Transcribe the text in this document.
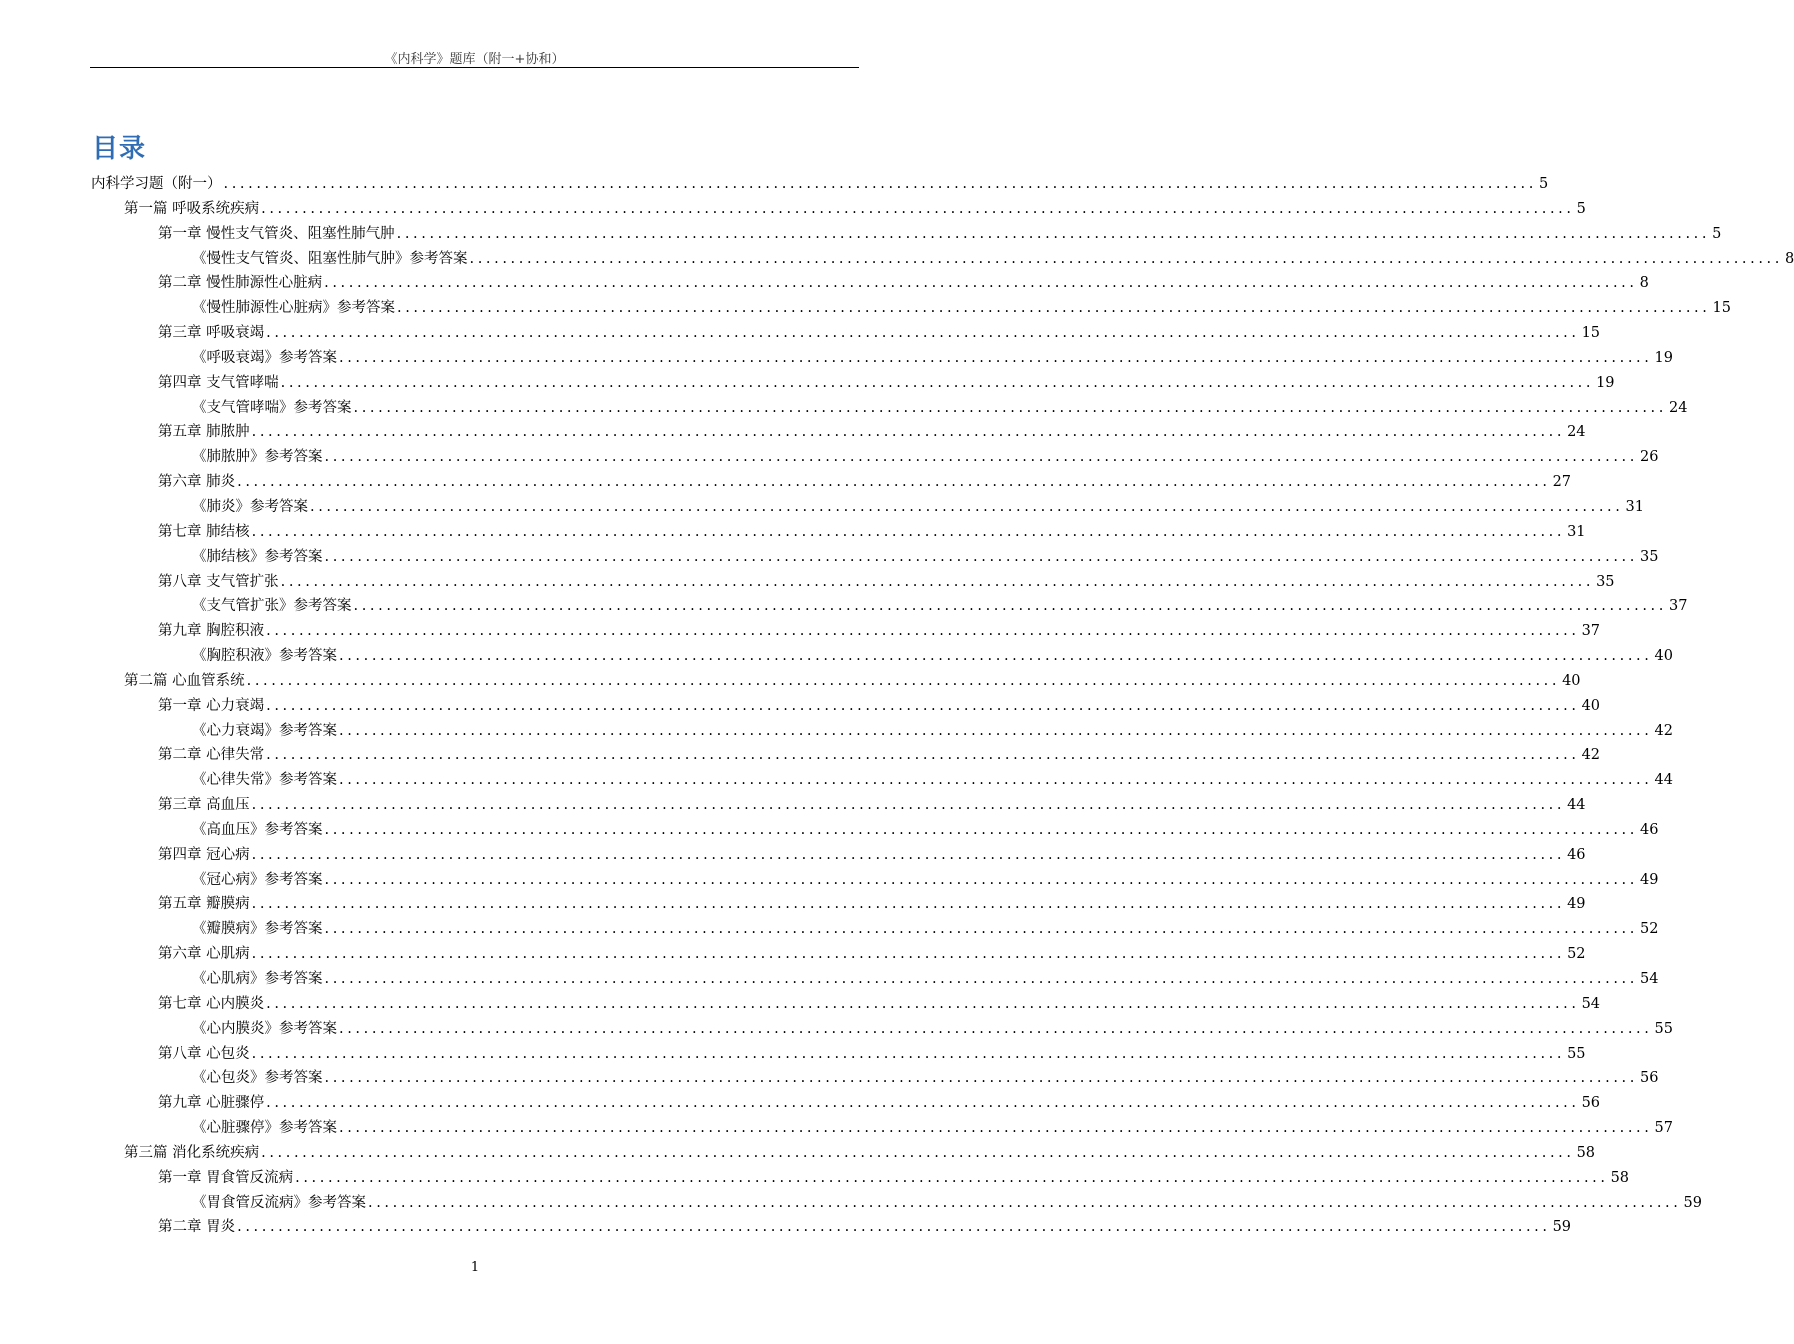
《内科学》题库（附一+协和）
目录
内科学习题（附一） ................................................................................................................................................................ 5
第一篇 呼吸系统疾病 ................................................................................................................................................................ 5
第一章 慢性支气管炎、阻塞性肺气肿 ................................................................................................................................................................ 5
《慢性支气管炎、阻塞性肺气肿》参考答案 ................................................................................................................................................................ 8
第二章 慢性肺源性心脏病 ................................................................................................................................................................ 8
《慢性肺源性心脏病》参考答案 ................................................................................................................................................................ 15
第三章 呼吸衰竭 ................................................................................................................................................................ 15
《呼吸衰竭》参考答案 ................................................................................................................................................................ 19
第四章 支气管哮喘 ................................................................................................................................................................ 19
《支气管哮喘》参考答案 ................................................................................................................................................................ 24
第五章 肺脓肿 ................................................................................................................................................................ 24
《肺脓肿》参考答案 ................................................................................................................................................................ 26
第六章 肺炎 ................................................................................................................................................................ 27
《肺炎》参考答案 ................................................................................................................................................................ 31
第七章 肺结核 ................................................................................................................................................................ 31
《肺结核》参考答案 ................................................................................................................................................................ 35
第八章 支气管扩张 ................................................................................................................................................................ 35
《支气管扩张》参考答案 ................................................................................................................................................................ 37
第九章 胸腔积液 ................................................................................................................................................................ 37
《胸腔积液》参考答案 ................................................................................................................................................................ 40
第二篇 心血管系统 ................................................................................................................................................................ 40
第一章 心力衰竭 ................................................................................................................................................................ 40
《心力衰竭》参考答案 ................................................................................................................................................................ 42
第二章 心律失常 ................................................................................................................................................................ 42
《心律失常》参考答案 ................................................................................................................................................................ 44
第三章 高血压 ................................................................................................................................................................ 44
《高血压》参考答案 ................................................................................................................................................................ 46
第四章 冠心病 ................................................................................................................................................................ 46
《冠心病》参考答案 ................................................................................................................................................................ 49
第五章 瓣膜病 ................................................................................................................................................................ 49
《瓣膜病》参考答案 ................................................................................................................................................................ 52
第六章 心肌病 ................................................................................................................................................................ 52
《心肌病》参考答案 ................................................................................................................................................................ 54
第七章 心内膜炎 ................................................................................................................................................................ 54
《心内膜炎》参考答案 ................................................................................................................................................................ 55
第八章 心包炎 ................................................................................................................................................................ 55
《心包炎》参考答案 ................................................................................................................................................................ 56
第九章 心脏骤停 ................................................................................................................................................................ 56
《心脏骤停》参考答案 ................................................................................................................................................................ 57
第三篇 消化系统疾病 ................................................................................................................................................................ 58
第一章 胃食管反流病 ................................................................................................................................................................ 58
《胃食管反流病》参考答案 ................................................................................................................................................................ 59
第二章 胃炎 ................................................................................................................................................................ 59
1
